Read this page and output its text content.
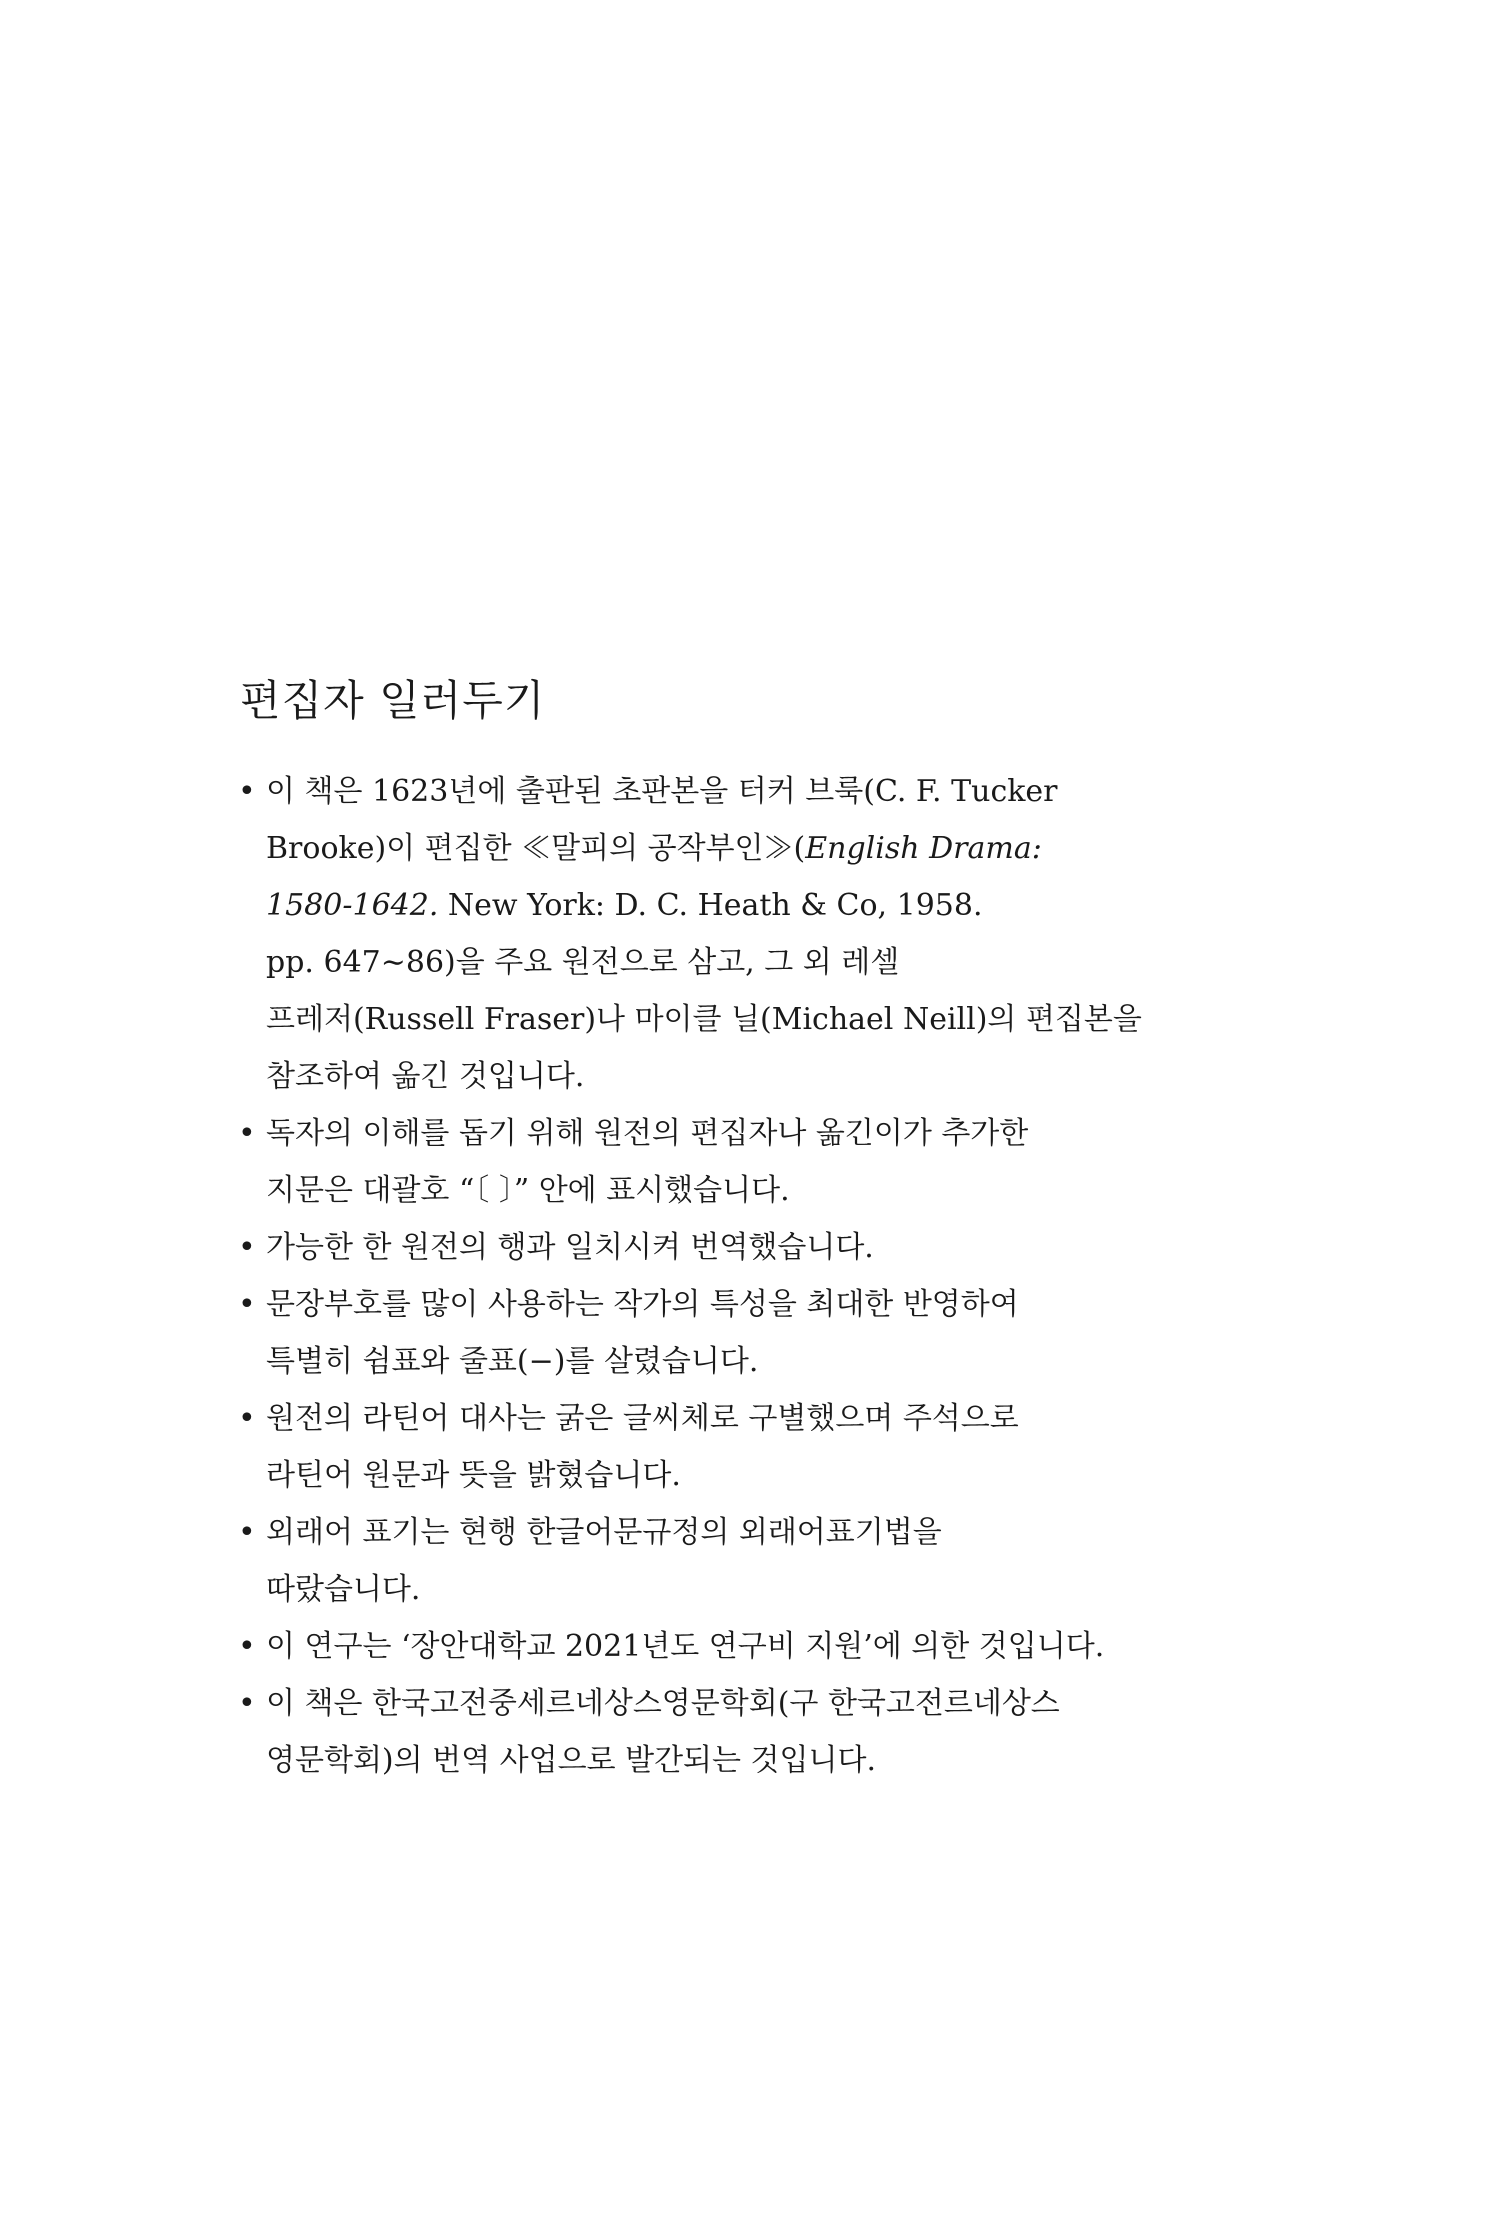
편집자 일러두기
• 이 책은 1623년에 출판된 초판본을 터커 브룩(C. F. Tucker
Brooke)이 편집한 ≪말피의 공작부인≫(English Drama:
1580-1642. New York: D. C. Heath & Co, 1958.
pp. 647∼86)을 주요 원전으로 삼고, 그 외 레셀
프레저(Russell Fraser)나 마이클 닐(Michael Neill)의 편집본을
참조하여 옮긴 것입니다.
• 독자의 이해를 돕기 위해 원전의 편집자나 옮긴이가 추가한
지문은 대괄호 “〔 〕” 안에 표시했습니다.
• 가능한 한 원전의 행과 일치시켜 번역했습니다.
• 문장부호를 많이 사용하는 작가의 특성을 최대한 반영하여
특별히 쉼표와 줄표(−)를 살렸습니다.
• 원전의 라틴어 대사는 굵은 글씨체로 구별했으며 주석으로
라틴어 원문과 뜻을 밝혔습니다.
• 외래어 표기는 현행 한글어문규정의 외래어표기법을
따랐습니다.
• 이 연구는 ‘장안대학교 2021년도 연구비 지원’에 의한 것입니다.
• 이 책은 한국고전중세르네상스영문학회(구 한국고전르네상스
영문학회)의 번역 사업으로 발간되는 것입니다.
